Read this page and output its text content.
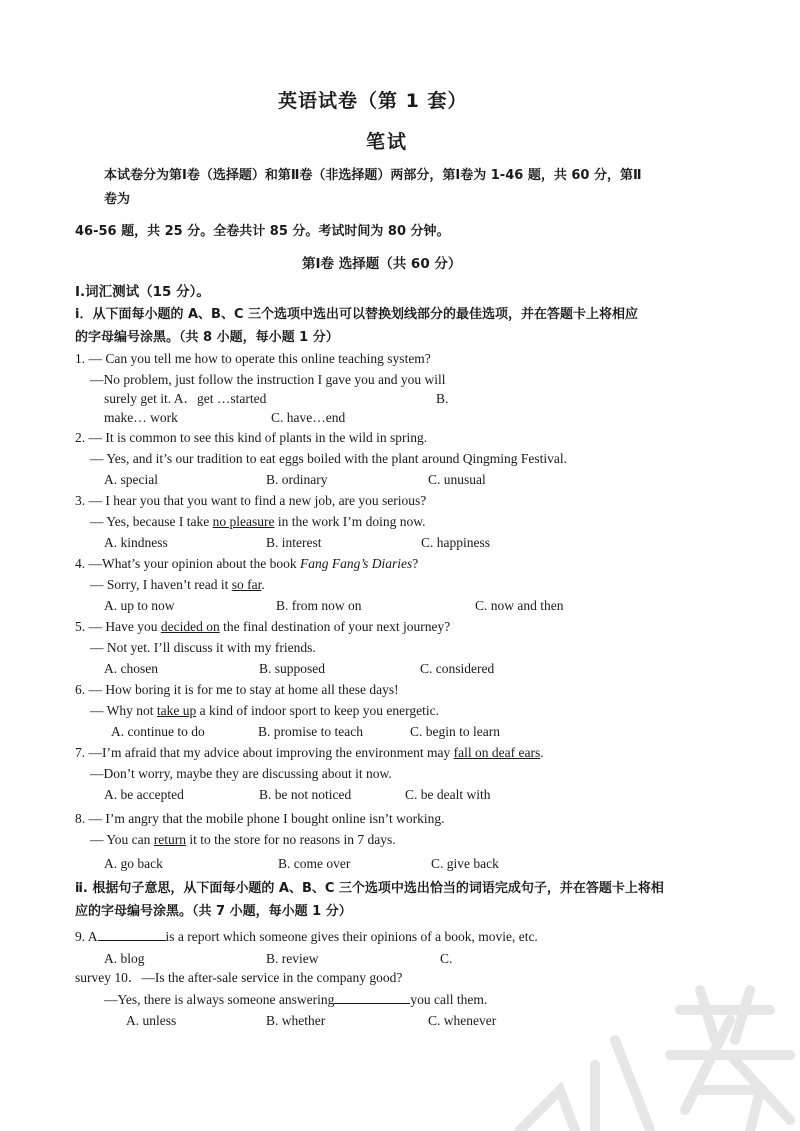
英语试卷（第 1 套）
笔试
本试卷分为第Ⅰ卷（选择题）和第Ⅱ卷（非选择题）两部分，第Ⅰ卷为 1-46 题，共 60 分，第Ⅱ
卷为
46-56 题，共 25 分。全卷共计 85 分。考试时间为 80 分钟。
第Ⅰ卷 选择题（共 60 分）
Ⅰ.词汇测试（15 分）。
ⅰ．从下面每小题的 A、B、C 三个选项中选出可以替换划线部分的最佳选项，并在答题卡上将相应
的字母编号涂黑。（共 8 小题，每小题 1 分）
1. — Can you tell me how to operate this online teaching system?
—No problem, just follow the instruction I gave you and you will
surely get it. A．get …started	B.
make… work	C. have…end
2. — It is common to see this kind of plants in the wild in spring.
— Yes, and it’s our tradition to eat eggs boiled with the plant around Qingming Festival.
A. special	B. ordinary	C. unusual
3. — I hear you that you want to find a new job, are you serious?
— Yes, because I take no pleasure in the work I’m doing now.
A. kindness	B. interest	C. happiness
4. —What’s your opinion about the book Fang Fang’s Diaries?
— Sorry, I haven’t read it so far.
A. up to now	B. from now on	C. now and then
5. — Have you decided on the final destination of your next journey?
— Not yet. I’ll discuss it with my friends.
A. chosen	B. supposed	C. considered
6. — How boring it is for me to stay at home all these days!
— Why not take up a kind of indoor sport to keep you energetic.
A. continue to do	B. promise to teach	C. begin to learn
7. —I’m afraid that my advice about improving the environment may fall on deaf ears.
—Don’t worry, maybe they are discussing about it now.
A. be accepted	B. be not noticed	C. be dealt with
8. — I’m angry that the mobile phone I bought online isn’t working.
— You can return it to the store for no reasons in 7 days.
A. go back	B. come over	C. give back
ⅱ. 根据句子意思，从下面每小题的 A、B、C 三个选项中选出恰当的词语完成句子，并在答题卡上将相
应的字母编号涂黑。（共 7 小题，每小题 1 分）
9. A	is a report which someone gives their opinions of a book, movie, etc.
A. blog	B. review	C.
survey 10．—Is the after-sale service in the company good?
—Yes, there is always someone answering	you call them.
A. unless	B. whether	C. whenever
